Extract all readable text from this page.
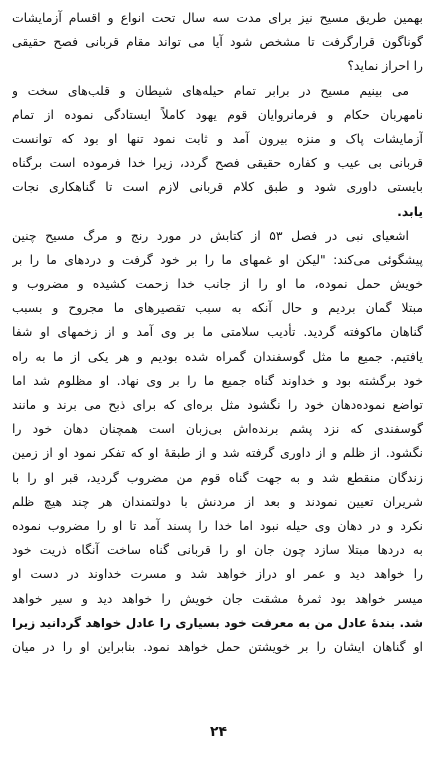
بهمین طریق مسیح نیز برای مدت سه سال تحت انواع و اقسام آزمایشات
گوناگون قرارگرفت تا مشخص شود آیا می تواند مقام قربانی فصح حقیقی
را احراز نماید؟

می بینیم مسیح در برابر تمام حیله‌های شیطان و قلب‌های سخت و
نامهربان حکام و فرمانروایان قوم یهود کاملاً ایستادگی نموده از تمام
آزمایشات پاک و منزه بیرون آمد و ثابت نمود تنها او بود که توانست
قربانی بی عیب و کفاره حقیقی فصح گردد، زیرا خدا فرموده است برگناه
بایستی داوری شود و طبق کلام قربانی لازم است تا گناهکاری نجات
یابد.

اشعیای نبی در فصل ۵۳ از کتابش در مورد رنج و مرگ مسیح چنین
پیشگوئی می‌کند: "لیکن او غمهای ما را بر خود گرفت و دردهای ما را بر
خویش حمل نموده، ما او را از جانب خدا زحمت کشیده و مضروب و
مبتلا گمان بردیم و حال آنکه به سبب تقصیرهای ما مجروح و بسبب
گناهان ماکوفته گردید. تأدیب سلامتی ما بر وی آمد و از زخمهای او شفا
یافتیم. جمیع ما مثل گوسفندان گمراه شده بودیم و هر یکی از ما به راه
خود برگشته بود و خداوند گناه جمیع ما را بر وی نهاد. او مظلوم شد اما
تواضع نموده‌دهان خود را نگشود مثل بره‌ای که برای ذبح می برند و مانند
گوسفندی که نزد پشم برنده‌اش بی‌زبان است همچنان دهان خود را
نگشود. از ظلم و از داوری گرفته شد و از طبقهٔ او که تفکر نمود او از زمین
زندگان منقطع شد و به جهت گناه قوم من مضروب گردید، قبر او را با
شریران تعیین نمودند و بعد از مردنش با دولتمندان هر چند هیچ ظلم
نکرد و در دهان وی حیله نبود اما خدا را پسند آمد تا او را مضروب نموده
به دردها مبتلا سازد چون جان او را قربانی گناه ساخت آنگاه ذریت خود
را خواهد دید و عمر او دراز خواهد شد و مسرت خداوند در دست او
میسر خواهد بود ثمرهٔ مشقت جان خویش را خواهد دید و سیر خواهد
شد. بندهٔ عادل من به معرفت خود بسیاری را عادل خواهد گردانید زیرا
او گناهان ایشان را بر خویشتن حمل خواهد نمود. بنابراین او را در میان

۲۴
